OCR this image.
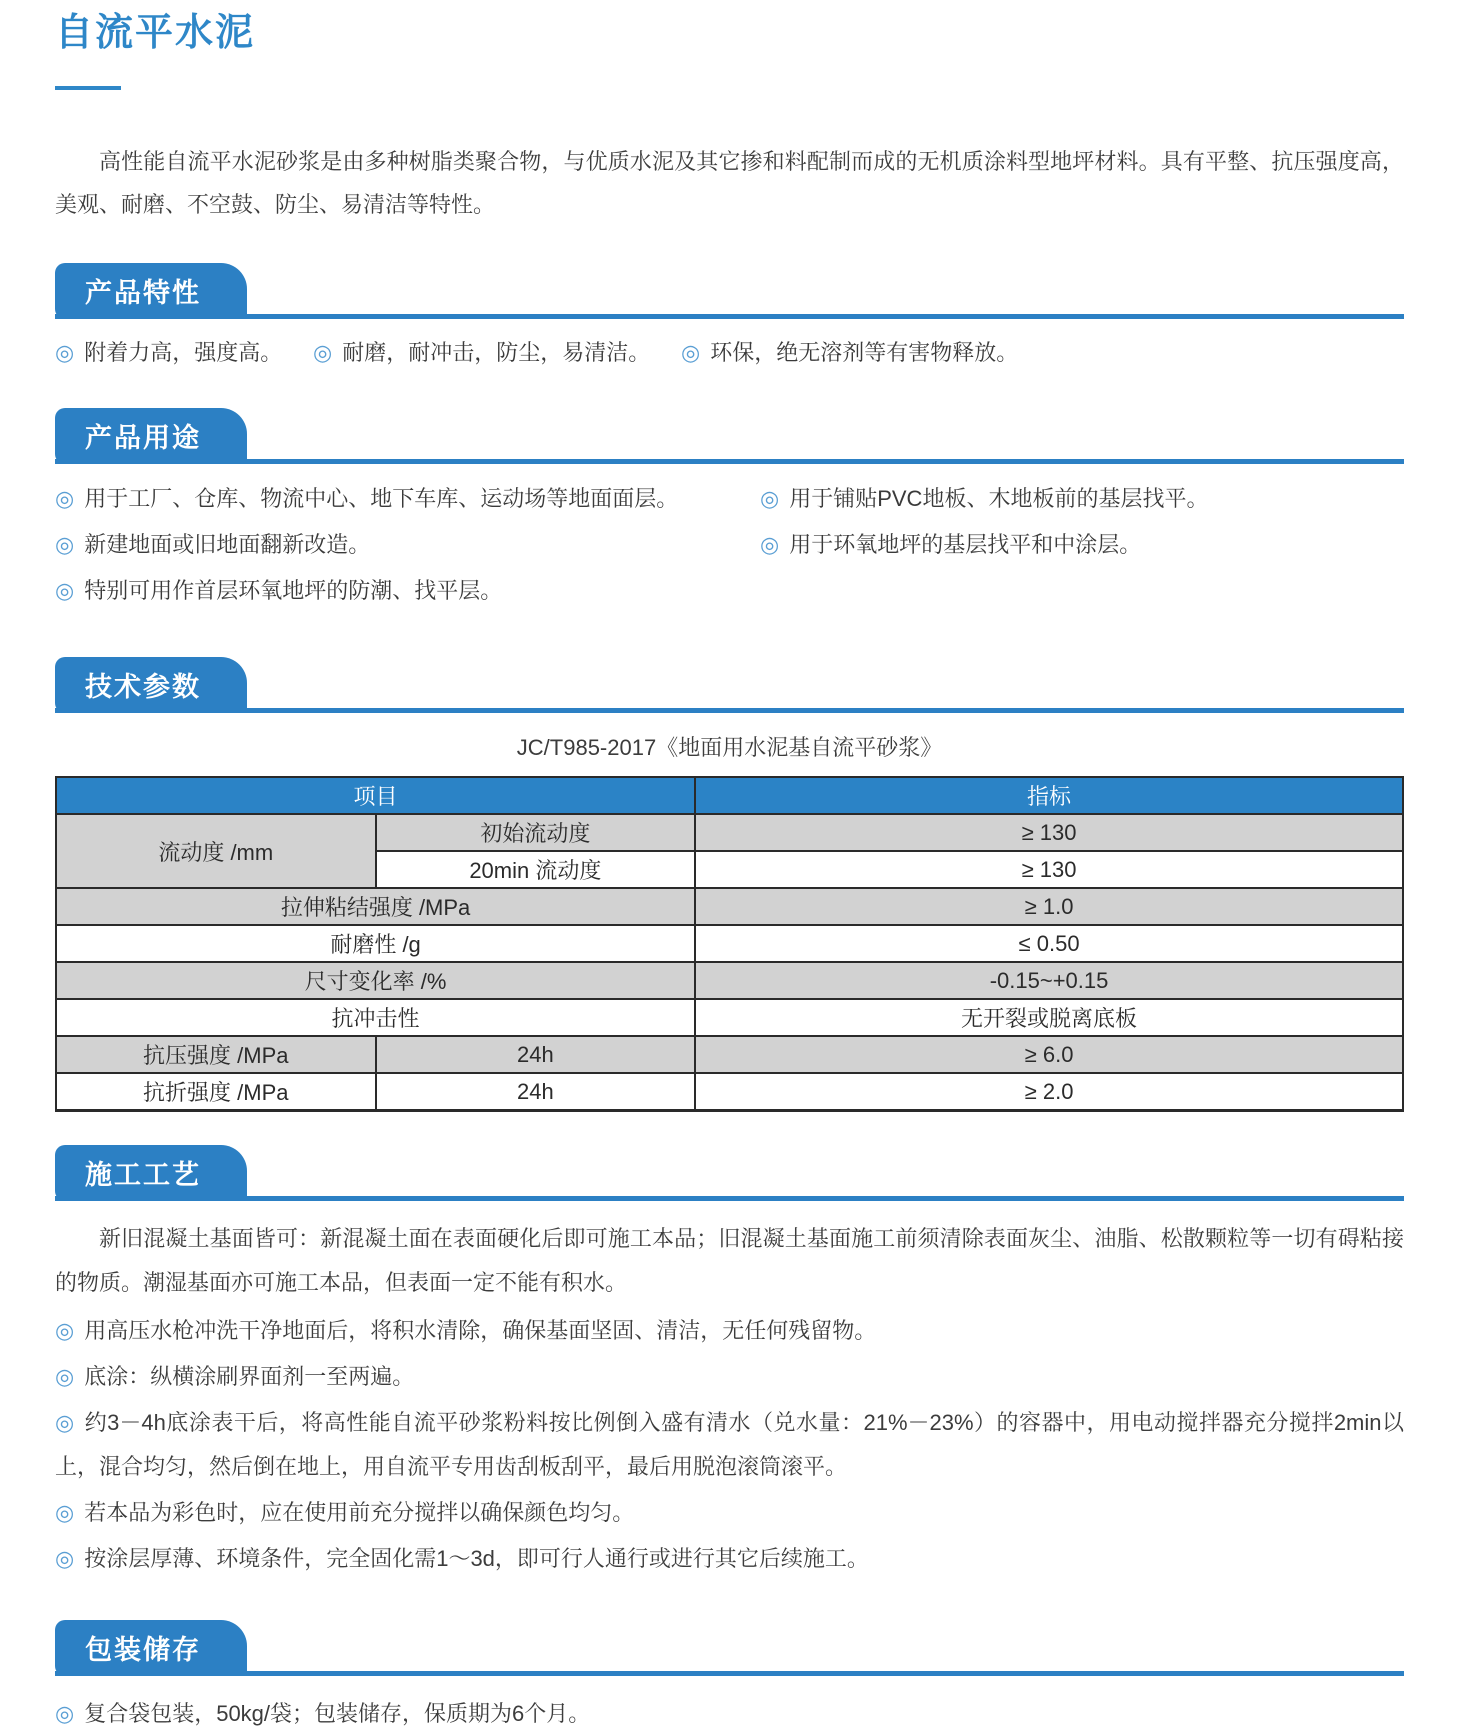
自流平水泥

高性能自流平水泥砂浆是由多种树脂类聚合物，与优质水泥及其它掺和料配制而成的无机质涂料型地坪材料。具有平整、抗压强度高，美观、耐磨、不空鼓、防尘、易清洁等特性。

产品特性
◎ 附着力高，强度高。	◎ 耐磨，耐冲击，防尘，易清洁。	◎ 环保，绝无溶剂等有害物释放。
产品用途
◎ 用于工厂、仓库、物流中心、地下车库、运动场等地面面层。	◎ 用于铺贴PVC地板、木地板前的基层找平。
◎ 新建地面或旧地面翻新改造。	◎ 用于环氧地坪的基层找平和中涂层。
◎ 特别可用作首层环氧地坪的防潮、找平层。
技术参数
JC/T985-2017《地面用水泥基自流平砂浆》
项目		指标
流动度 /mm	初始流动度	≥ 130
	20min 流动度	≥ 130
拉伸粘结强度 /MPa		≥ 1.0
耐磨性 /g		≤ 0.50
尺寸变化率 /%		-0.15~+0.15
抗冲击性		无开裂或脱离底板
抗压强度 /MPa	24h	≥ 6.0
抗折强度 /MPa	24h	≥ 2.0
施工工艺

新旧混凝土基面皆可：新混凝土面在表面硬化后即可施工本品；旧混凝土基面施工前须清除表面灰尘、油脂、松散颗粒等一切有碍粘接的物质。潮湿基面亦可施工本品，但表面一定不能有积水。

◎ 用高压水枪冲洗干净地面后，将积水清除，确保基面坚固、清洁，无任何残留物。

◎ 底涂：纵横涂刷界面剂一至两遍。

◎ 约3－4h底涂表干后，将高性能自流平砂浆粉料按比例倒入盛有清水（兑水量：21%－23%）的容器中，用电动搅拌器充分搅拌2min以上，混合均匀，然后倒在地上，用自流平专用齿刮板刮平，最后用脱泡滚筒滚平。

◎ 若本品为彩色时，应在使用前充分搅拌以确保颜色均匀。

◎ 按涂层厚薄、环境条件，完全固化需1～3d，即可行人通行或进行其它后续施工。

包装储存

◎ 复合袋包装，50kg/袋；包装储存，保质期为6个月。
